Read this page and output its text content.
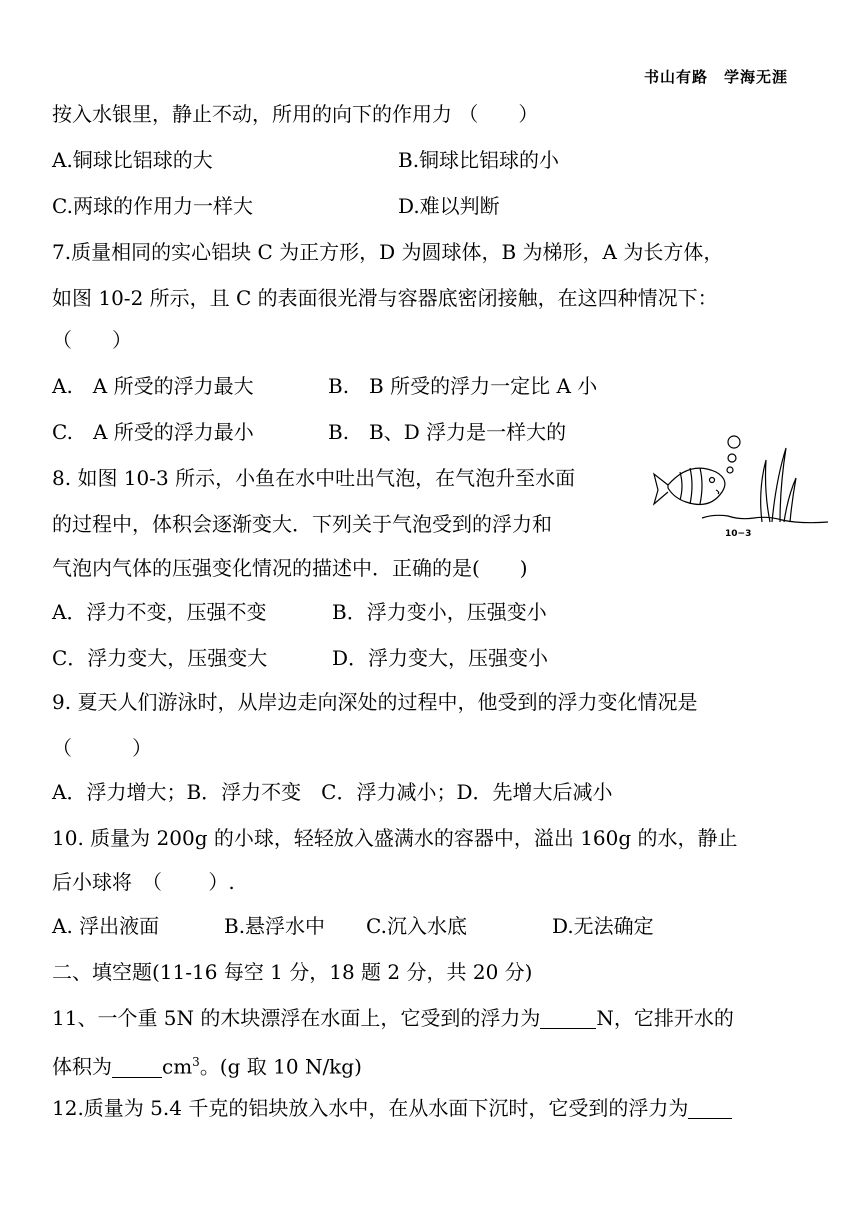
书山有路　学海无涯
按入水银里，静止不动，所用的向下的作用力 （　　）
A.铜球比铝球的大	B.铜球比铝球的小
C.两球的作用力一样大	D.难以判断
7.质量相同的实心铝块 C 为正方形，D 为圆球体，B 为梯形，A 为长方体，
如图 10-2 所示，且 C 的表面很光滑与容器底密闭接触，在这四种情况下：
（　　）
A.　A 所受的浮力最大	B.　B 所受的浮力一定比 A 小
C.　A 所受的浮力最小	B.　B、D 浮力是一样大的
8. 如图 10-3 所示，小鱼在水中吐出气泡，在气泡升至水面
的过程中，体积会逐渐变大．下列关于气泡受到的浮力和
气泡内气体的压强变化情况的描述中．正确的是(　　)
A．浮力不变，压强不变	B．浮力变小，压强变小
C．浮力变大，压强变大	D．浮力变大，压强变小
9. 夏天人们游泳时，从岸边走向深处的过程中，他受到的浮力变化情况是
（　　　）
A．浮力增大；B．浮力不变　C．浮力减小；D．先增大后减小
10. 质量为 200g 的小球，轻轻放入盛满水的容器中，溢出 160g 的水，静止
后小球将　（　　 ）.
A. 浮出液面	B.悬浮水中 C.沉入水底	D.无法确定
二、填空题(11-16 每空 1 分，18 题 2 分，共 20 分)
11、一个重 5N 的木块漂浮在水面上，它受到的浮力为	N，它排开水的
体积为	$cm^3$。(g 取 10 N/kg)
12.质量为 5.4 千克的铝块放入水中，在从水面下沉时，它受到的浮力为
10−3
